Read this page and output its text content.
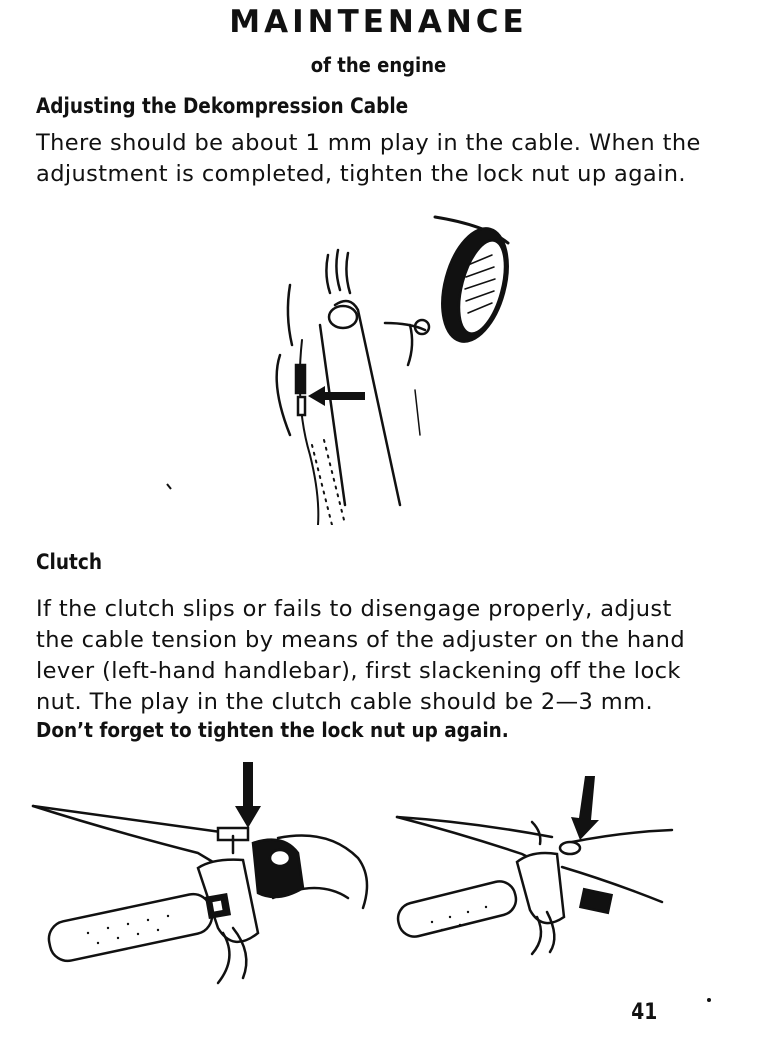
MAINTENANCE
of the engine
Adjusting the Dekompression Cable
There should be about 1 mm play in the cable. When the
adjustment is completed, tighten the lock nut up again.
Clutch
If the clutch slips or fails to disengage properly, adjust
the cable tension by means of the adjuster on the hand
lever (left-hand handlebar), first slackening off the lock
nut. The play in the clutch cable should be 2—3 mm.
Don’t forget to tighten the lock nut up again.
41
